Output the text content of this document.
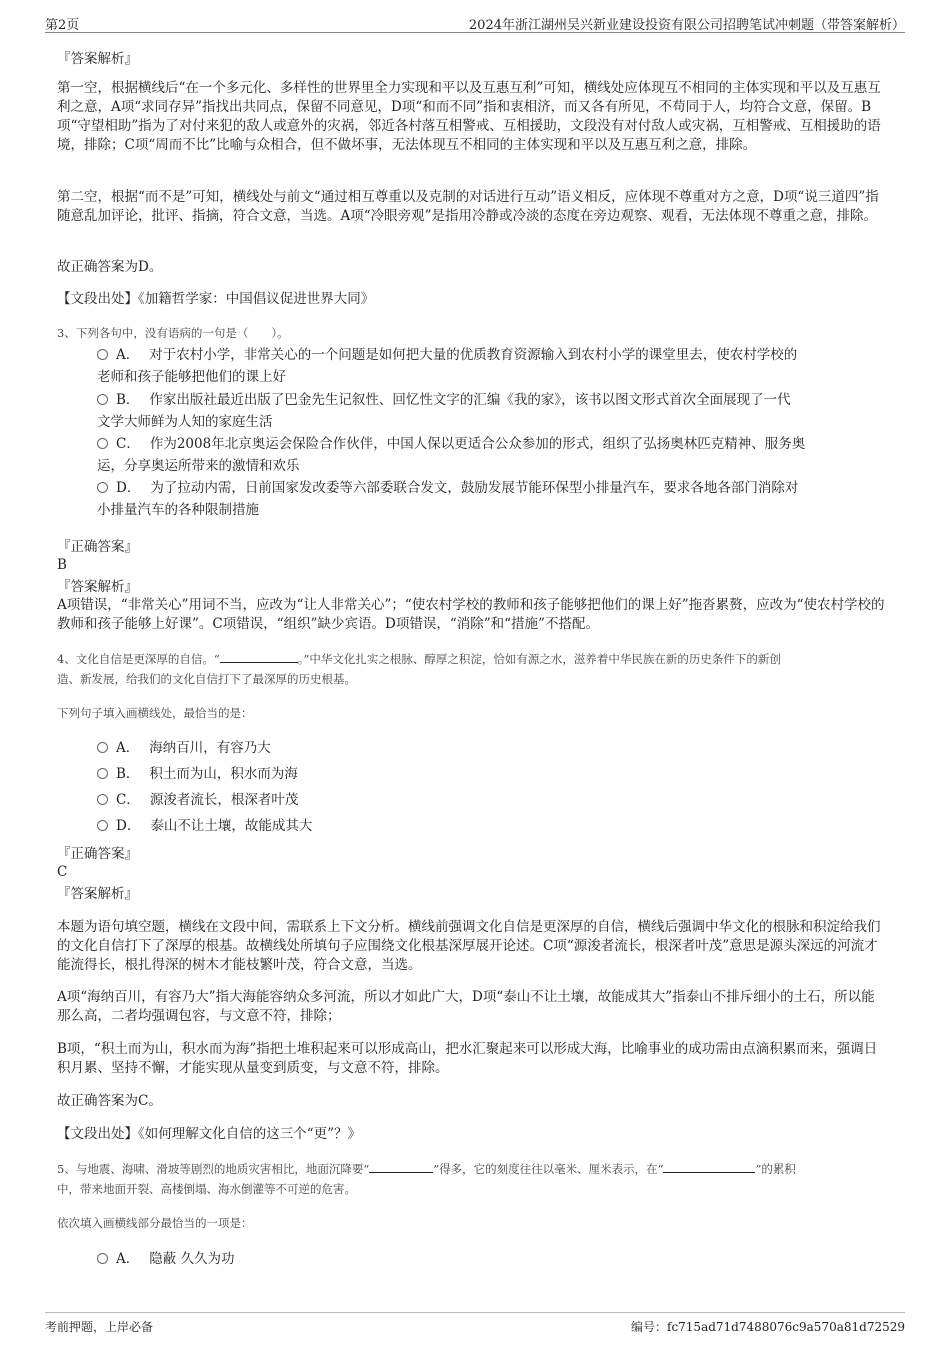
第2页	2024年浙江湖州吴兴新业建设投资有限公司招聘笔试冲刺题（带答案解析）
『答案解析』
第一空，根据横线后“在一个多元化、多样性的世界里全力实现和平以及互惠互利”可知，横线处应体现互不相同的主体实现和平以及互惠互利之意，A项“求同存异”指找出共同点，保留不同意见，D项“和而不同”指和衷相济，而又各有所见，不苟同于人，均符合文意，保留。B项“守望相助”指为了对付来犯的敌人或意外的灾祸，邻近各村落互相警戒、互相援助，文段没有对付敌人或灾祸，互相警戒、互相援助的语境，排除；C项“周而不比”比喻与众相合，但不做坏事，无法体现互不相同的主体实现和平以及互惠互利之意，排除。
第二空，根据“而不是”可知，横线处与前文“通过相互尊重以及克制的对话进行互动”语义相反，应体现不尊重对方之意，D项“说三道四”指随意乱加评论，批评、指摘，符合文意，当选。A项“冷眼旁观”是指用冷静或冷淡的态度在旁边观察、观看，无法体现不尊重之意，排除。
故正确答案为D。
【文段出处】《加籍哲学家：中国倡议促进世界大同》
3、下列各句中，没有语病的一句是（　　）。
A． 对于农村小学，非常关心的一个问题是如何把大量的优质教育资源输入到农村小学的课堂里去，使农村学校的
老师和孩子能够把他们的课上好
B． 作家出版社最近出版了巴金先生记叙性、回忆性文字的汇编《我的家》，该书以图文形式首次全面展现了一代
文学大师鲜为人知的家庭生活
C． 作为2008年北京奥运会保险合作伙伴，中国人保以更适合公众参加的形式，组织了弘扬奥林匹克精神、服务奥
运，分享奥运所带来的激情和欢乐
D． 为了拉动内需，日前国家发改委等六部委联合发文，鼓励发展节能环保型小排量汽车，要求各地各部门消除对
小排量汽车的各种限制措施
『正确答案』
B
『答案解析』
A项错误，“非常关心”用词不当，应改为“让人非常关心”；“使农村学校的教师和孩子能够把他们的课上好”拖沓累赘，应改为“使农村学校的教师和孩子能够上好课”。C项错误，“组织”缺少宾语。D项错误，“消除”和“措施”不搭配。
4、文化自信是更深厚的自信。“	。”中华文化扎实之根脉、醇厚之积淀，恰如有源之水，滋养着中华民族在新的历史条件下的新创
造、新发展，给我们的文化自信打下了最深厚的历史根基。
下列句子填入画横线处，最恰当的是：
A． 海纳百川，有容乃大
B． 积土而为山，积水而为海
C． 源浚者流长，根深者叶茂
D． 泰山不让土壤，故能成其大
『正确答案』
C
『答案解析』
本题为语句填空题，横线在文段中间，需联系上下文分析。横线前强调文化自信是更深厚的自信，横线后强调中华文化的根脉和积淀给我们的文化自信打下了深厚的根基。故横线处所填句子应围绕文化根基深厚展开论述。C项“源浚者流长，根深者叶茂”意思是源头深远的河流才能流得长，根扎得深的树木才能枝繁叶茂，符合文意，当选。
A项“海纳百川，有容乃大”指大海能容纳众多河流，所以才如此广大，D项“泰山不让土壤，故能成其大”指泰山不排斥细小的土石，所以能那么高，二者均强调包容，与文意不符，排除；
B项，“积土而为山，积水而为海”指把土堆积起来可以形成高山，把水汇聚起来可以形成大海，比喻事业的成功需由点滴积累而来，强调日积月累、坚持不懈，才能实现从量变到质变，与文意不符，排除。
故正确答案为C。
【文段出处】《如何理解文化自信的这三个“更”？》
5、与地震、海啸、滑坡等剧烈的地质灾害相比，地面沉降要“	”得多，它的刻度往往以毫米、厘米表示，在“	”的累积
中，带来地面开裂、高楼倒塌、海水倒灌等不可逆的危害。
依次填入画横线部分最恰当的一项是：
A． 隐蔽 久久为功
考前押题，上岸必备	编号：fc715ad71d7488076c9a570a81d72529
